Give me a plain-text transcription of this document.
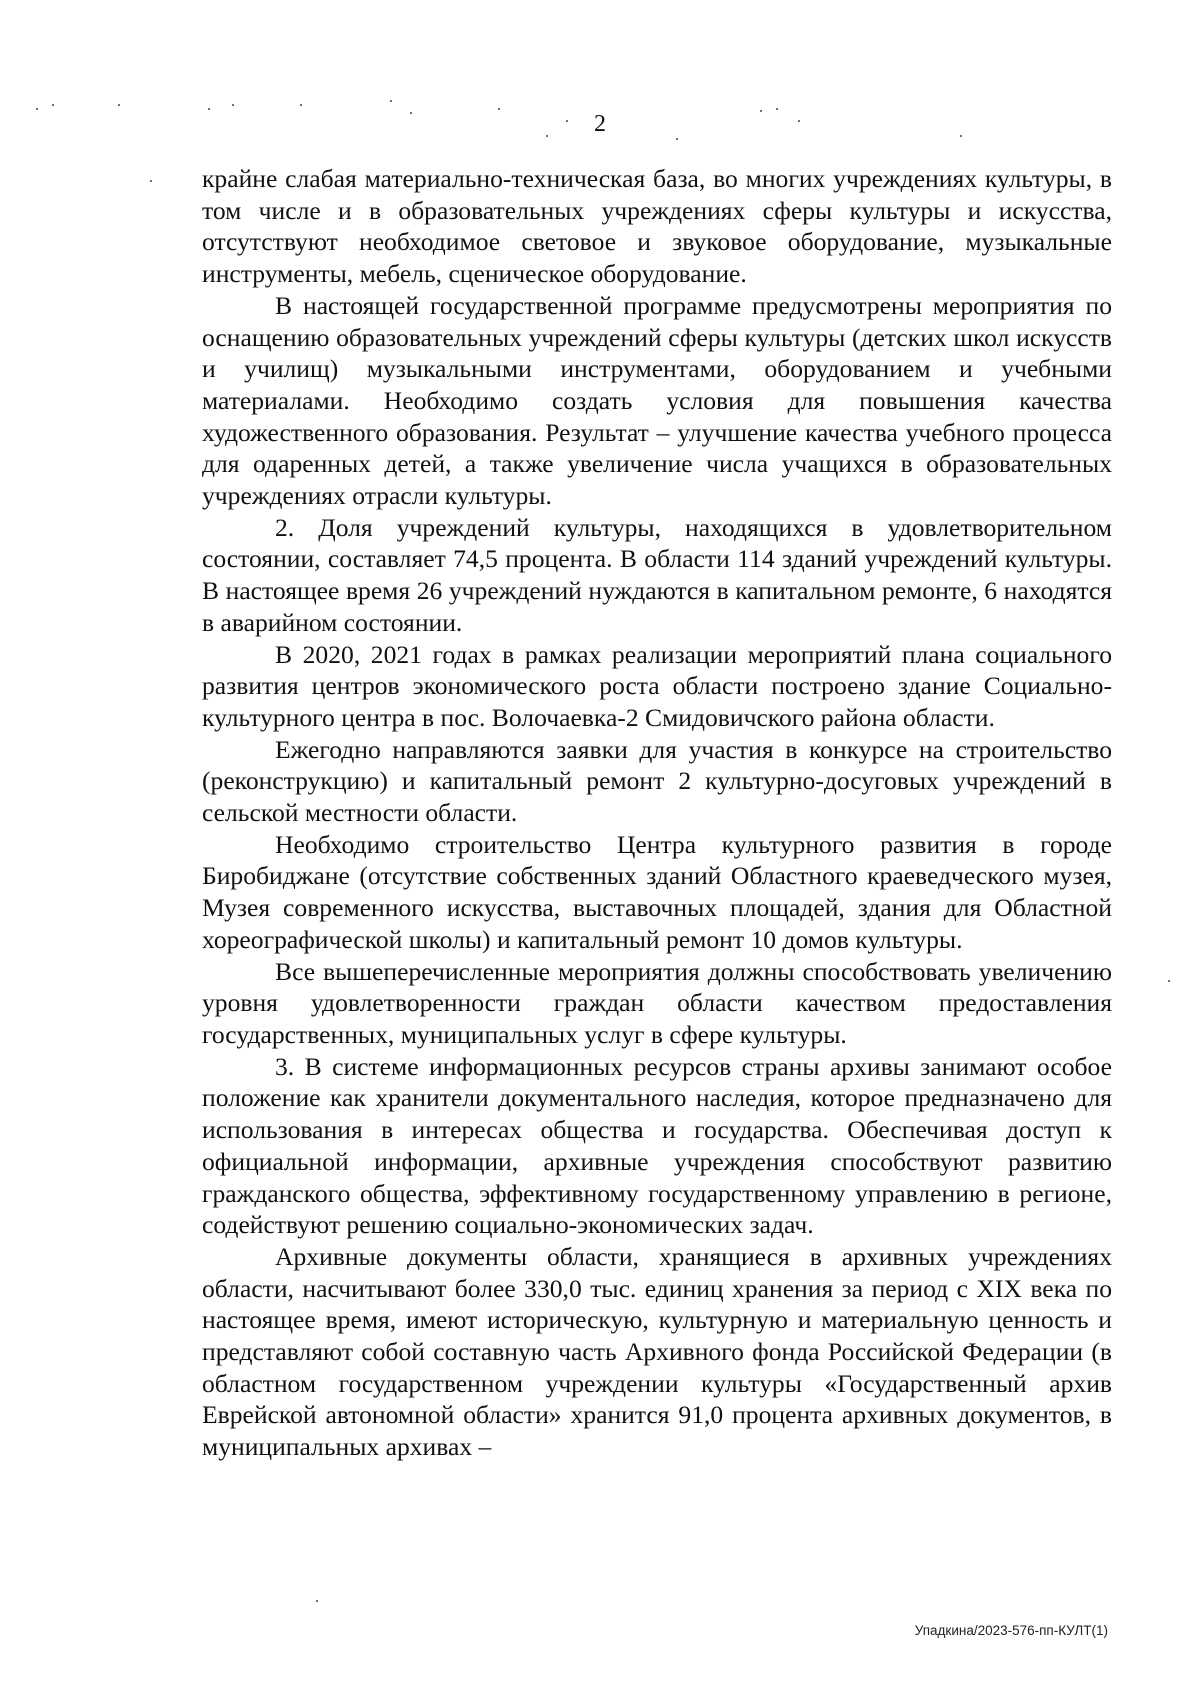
2

крайне слабая материально-техническая база, во многих учреждениях культуры, в том числе и в образовательных учреждениях сферы культуры и искусства, отсутствуют необходимое световое и звуковое оборудование, музыкальные инструменты, мебель, сценическое оборудование.

В настоящей государственной программе предусмотрены мероприятия по оснащению образовательных учреждений сферы культуры (детских школ искусств и училищ) музыкальными инструментами, оборудованием и учебными материалами. Необходимо создать условия для повышения качества художественного образования. Результат – улучшение качества учебного процесса для одаренных детей, а также увеличение числа учащихся в образовательных учреждениях отрасли культуры.

2. Доля учреждений культуры, находящихся в удовлетворительном состоянии, составляет 74,5 процента. В области 114 зданий учреждений культуры. В настоящее время 26 учреждений нуждаются в капитальном ремонте, 6 находятся в аварийном состоянии.

В 2020, 2021 годах в рамках реализации мероприятий плана социального развития центров экономического роста области построено здание Социально-культурного центра в пос. Волочаевка-2 Смидовичского района области.

Ежегодно направляются заявки для участия в конкурсе на строительство (реконструкцию) и капитальный ремонт 2 культурно-досуговых учреждений в сельской местности области.

Необходимо строительство Центра культурного развития в городе Биробиджане (отсутствие собственных зданий Областного краеведческого музея, Музея современного искусства, выставочных площадей, здания для Областной хореографической школы) и капитальный ремонт 10 домов культуры.

Все вышеперечисленные мероприятия должны способствовать увеличению уровня удовлетворенности граждан области качеством предоставления государственных, муниципальных услуг в сфере культуры.

3. В системе информационных ресурсов страны архивы занимают особое положение как хранители документального наследия, которое предназначено для использования в интересах общества и государства. Обеспечивая доступ к официальной информации, архивные учреждения способствуют развитию гражданского общества, эффективному государственному управлению в регионе, содействуют решению социально-экономических задач.

Архивные документы области, хранящиеся в архивных учреждениях области, насчитывают более 330,0 тыс. единиц хранения за период с XIX века по настоящее время, имеют историческую, культурную и материальную ценность и представляют собой составную часть Архивного фонда Российской Федерации (в областном государственном учреждении культуры «Государственный архив Еврейской автономной области» хранится 91,0 процента архивных документов, в муниципальных архивах –

Упадкина/2023-576-пп-КУЛТ(1)
